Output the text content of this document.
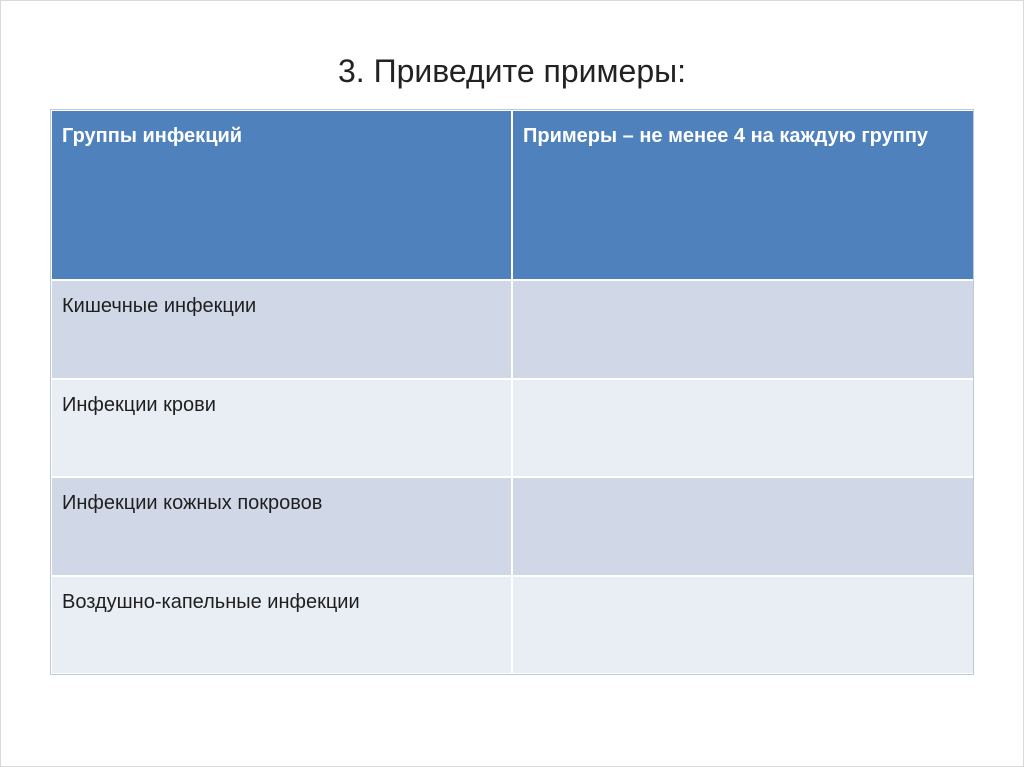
3. Приведите примеры:
Группы инфекций	Примеры – не менее 4 на каждую группу
Кишечные инфекции	
Инфекции крови	
Инфекции кожных покровов	
Воздушно-капельные инфекции	
